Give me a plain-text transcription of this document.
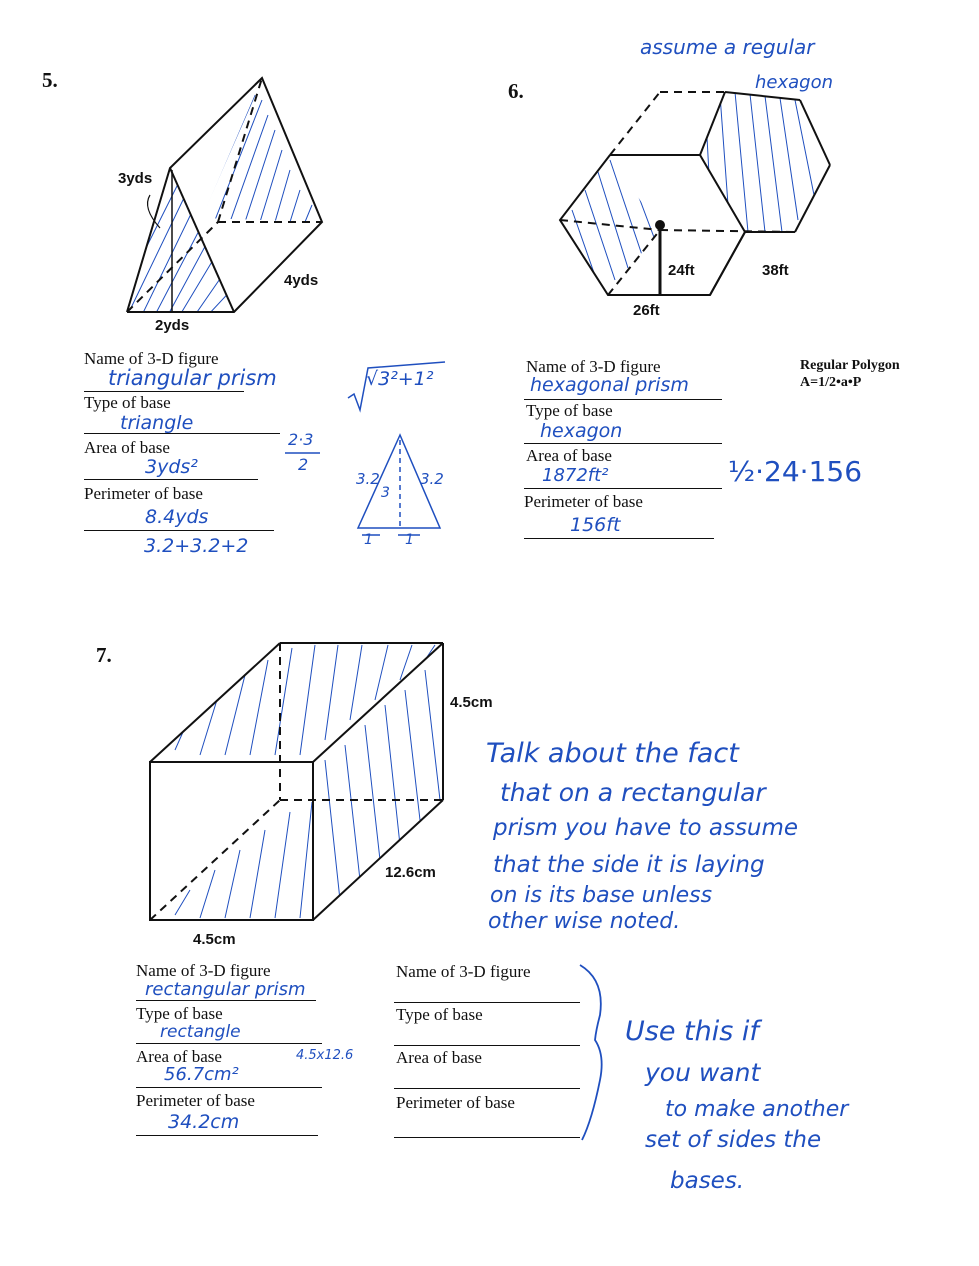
5.
3yds
4yds
2yds
Name of 3-D figure
triangular prism
Type of base
triangle
Area of base
3yds²
Perimeter of base
8.4yds
3.2+3.2+2
2·3
2
√3²+1²
3.2	3.2
3
1 1
6.
assume a regular
hexagon
24ft	38ft
26ft
Regular Polygon
A=1/2•a•P
Name of 3-D figure
hexagonal prism
Type of base
hexagon
Area of base
1872ft²	½·24·156
Perimeter of base
156ft
7.
4.5cm
12.6cm
4.5cm
Talk about the fact
that on a rectangular
prism you have to assume
that the side it is laying
on is its base unless
other wise noted.
Name of 3-D figure
rectangular prism
Type of base
rectangle
Area of base	4.5x12.6
56.7cm²
Perimeter of base
34.2cm
Name of 3-D figure
Type of base
Area of base
Perimeter of base
Use this if
you want
to make another
set of sides the
bases.
